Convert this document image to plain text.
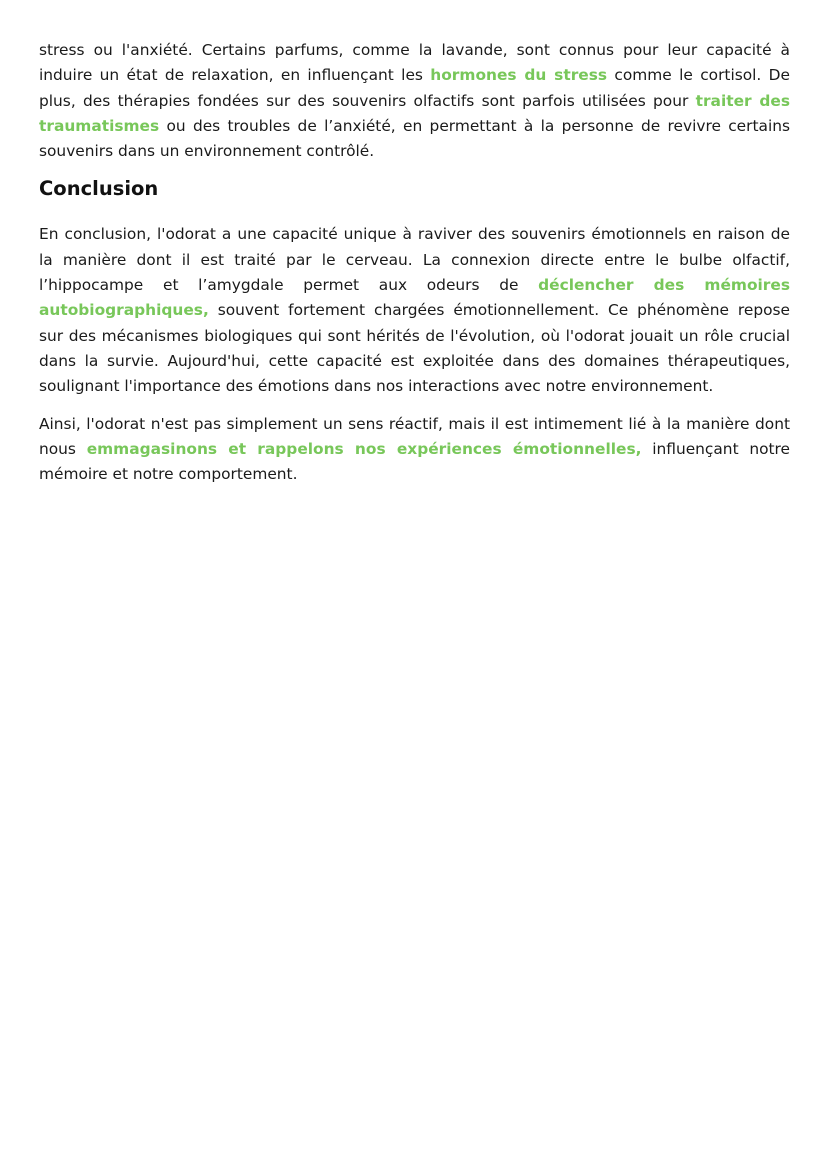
stress ou l'anxiété. Certains parfums, comme la lavande, sont connus pour leur capacité à induire un état de relaxation, en influençant les hormones du stress comme le cortisol. De plus, des thérapies fondées sur des souvenirs olfactifs sont parfois utilisées pour traiter des traumatismes ou des troubles de l’anxiété, en permettant à la personne de revivre certains souvenirs dans un environnement contrôlé.

Conclusion

En conclusion, l'odorat a une capacité unique à raviver des souvenirs émotionnels en raison de la manière dont il est traité par le cerveau. La connexion directe entre le bulbe olfactif, l’hippocampe et l’amygdale permet aux odeurs de déclencher des mémoires autobiographiques, souvent fortement chargées émotionnellement. Ce phénomène repose sur des mécanismes biologiques qui sont hérités de l'évolution, où l'odorat jouait un rôle crucial dans la survie. Aujourd'hui, cette capacité est exploitée dans des domaines thérapeutiques, soulignant l'importance des émotions dans nos interactions avec notre environnement.

Ainsi, l'odorat n'est pas simplement un sens réactif, mais il est intimement lié à la manière dont nous emmagasinons et rappelons nos expériences émotionnelles, influençant notre mémoire et notre comportement.
